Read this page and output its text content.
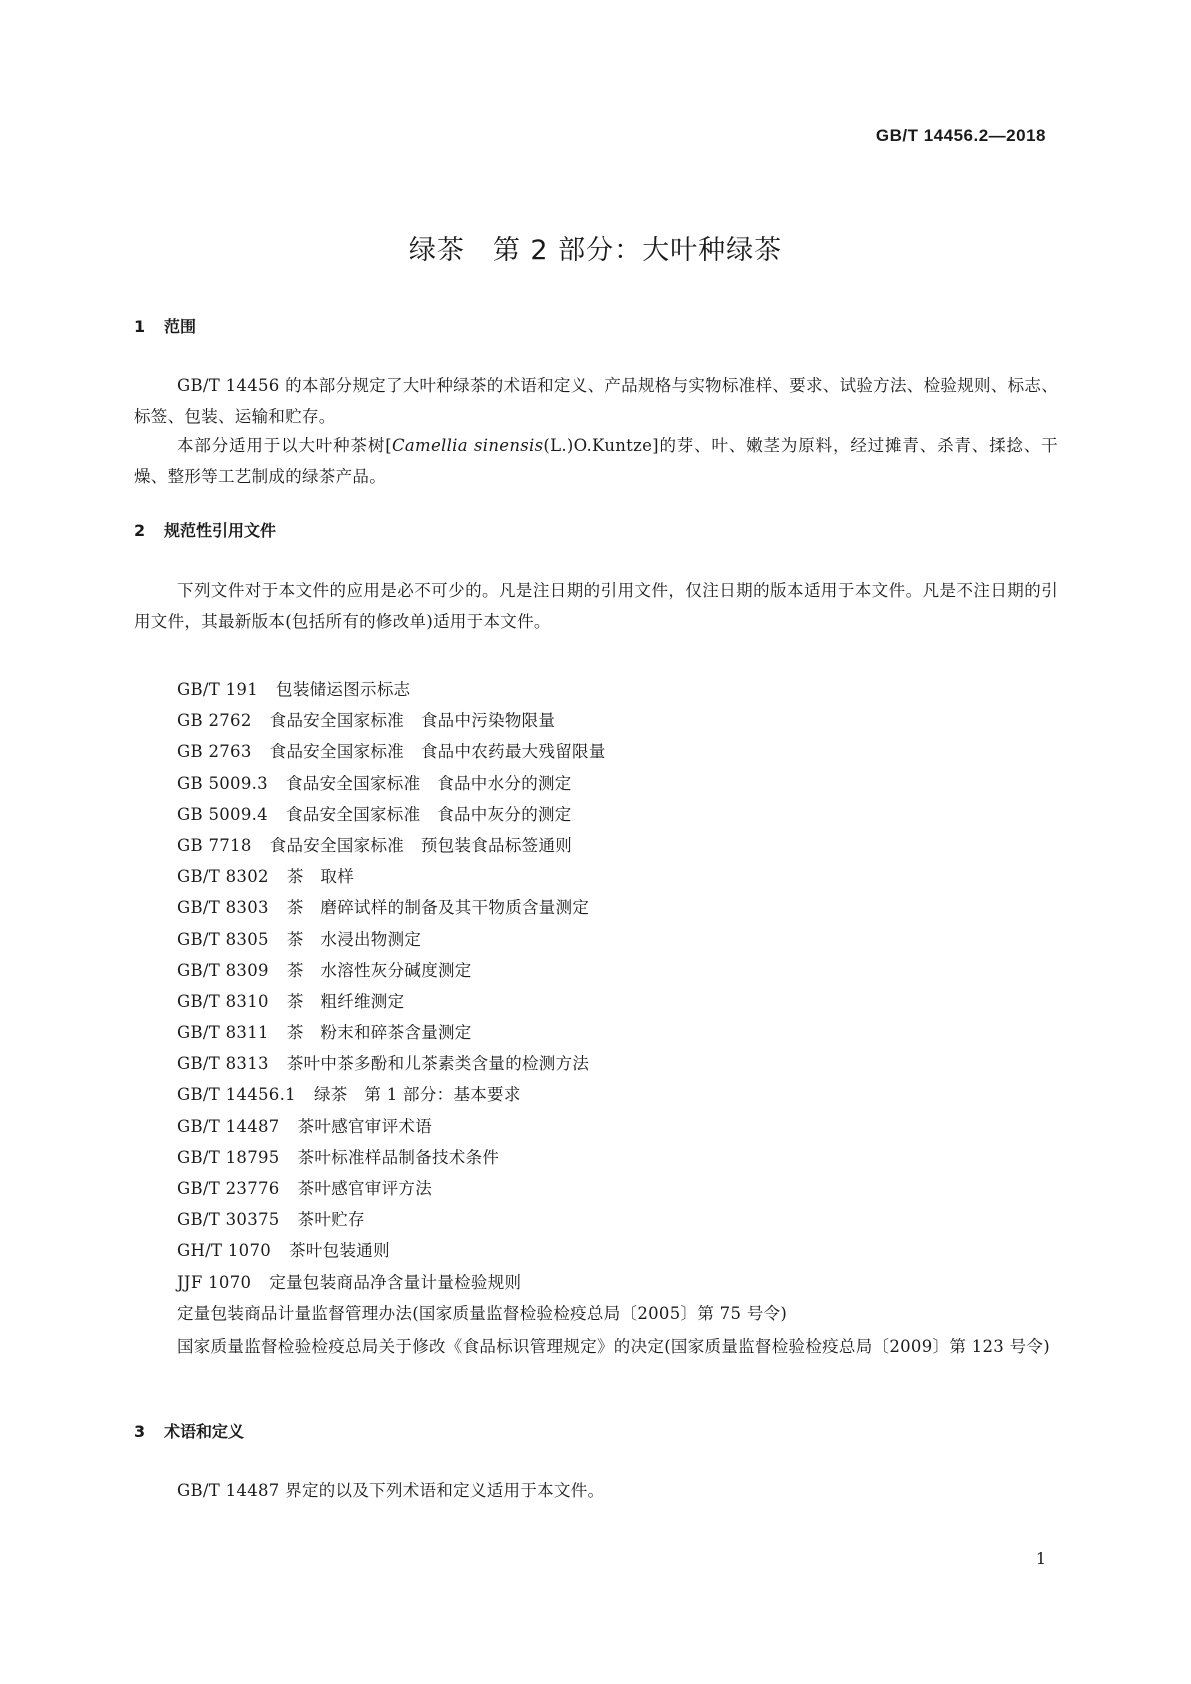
GB/T 14456.2—2018
绿茶　第 2 部分：大叶种绿茶
1 范围
GB/T 14456 的本部分规定了大叶种绿茶的术语和定义、产品规格与实物标准样、要求、试验方法、检验规则、标志、标签、包装、运输和贮存。
本部分适用于以大叶种茶树[Camellia sinensis(L.)O.Kuntze]的芽、叶、嫩茎为原料，经过摊青、杀青、揉捻、干燥、整形等工艺制成的绿茶产品。
2 规范性引用文件
下列文件对于本文件的应用是必不可少的。凡是注日期的引用文件，仅注日期的版本适用于本文件。凡是不注日期的引用文件，其最新版本(包括所有的修改单)适用于本文件。
GB/T 191 包装储运图示标志
GB 2762 食品安全国家标准　食品中污染物限量
GB 2763 食品安全国家标准　食品中农药最大残留限量
GB 5009.3 食品安全国家标准　食品中水分的测定
GB 5009.4 食品安全国家标准　食品中灰分的测定
GB 7718 食品安全国家标准　预包装食品标签通则
GB/T 8302 茶　取样
GB/T 8303 茶　磨碎试样的制备及其干物质含量测定
GB/T 8305 茶　水浸出物测定
GB/T 8309 茶　水溶性灰分碱度测定
GB/T 8310 茶　粗纤维测定
GB/T 8311 茶　粉末和碎茶含量测定
GB/T 8313 茶叶中茶多酚和儿茶素类含量的检测方法
GB/T 14456.1 绿茶　第 1 部分：基本要求
GB/T 14487 茶叶感官审评术语
GB/T 18795 茶叶标准样品制备技术条件
GB/T 23776 茶叶感官审评方法
GB/T 30375 茶叶贮存
GH/T 1070 茶叶包装通则
JJF 1070 定量包装商品净含量计量检验规则
定量包装商品计量监督管理办法(国家质量监督检验检疫总局〔2005〕第 75 号令)
国家质量监督检验检疫总局关于修改《食品标识管理规定》的决定(国家质量监督检验检疫总局〔2009〕第 123 号令)
3 术语和定义
GB/T 14487 界定的以及下列术语和定义适用于本文件。
1
